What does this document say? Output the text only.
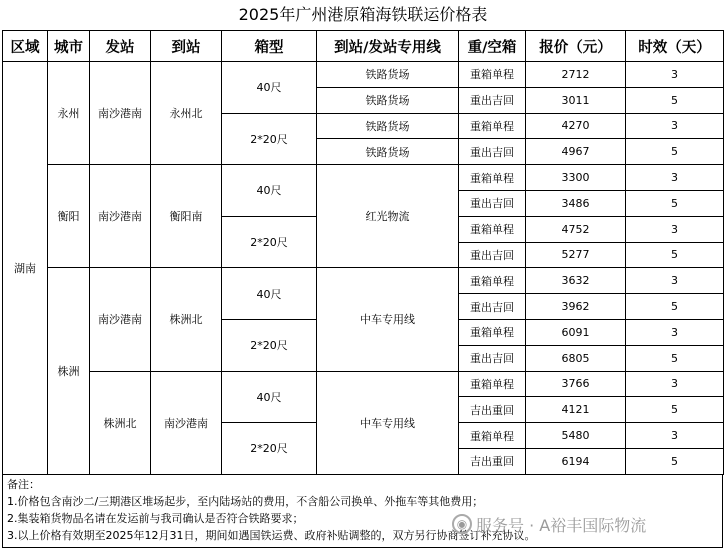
2025年广州港原箱海铁联运价格表
区域	城市	发站	到站	箱型	到站/发站专用线	重/空箱	报价（元）	时效（天）
湖南	永州	南沙港南	永州北	40尺	铁路货场	重箱单程	2712	3
					铁路货场	重出吉回	3011	5
				2*20尺	铁路货场	重箱单程	4270	3
					铁路货场	重出吉回	4967	5
	衡阳	南沙港南	衡阳南	40尺	红光物流	重箱单程	3300	3
						重出吉回	3486	5
				2*20尺		重箱单程	4752	3
						重出吉回	5277	5
	株洲	南沙港南	株洲北	40尺	中车专用线	重箱单程	3632	3
						重出吉回	3962	5
				2*20尺		重箱单程	6091	3
						重出吉回	6805	5
		株洲北	南沙港南	40尺	中车专用线	重箱单程	3766	3
						吉出重回	4121	5
				2*20尺		重箱单程	5480	3
						吉出重回	6194	5
备注：
1.价格包含南沙二/三期港区堆场起步，至内陆场站的费用，不含船公司换单、外拖车等其他费用；
2.集装箱货物品名请在发运前与我司确认是否符合铁路要求；
3.以上价格有效期至2025年12月31日，期间如遇国铁运费、政府补贴调整的，双方另行协商签订补充协议。
◉ 服务号 · A裕丰国际物流
